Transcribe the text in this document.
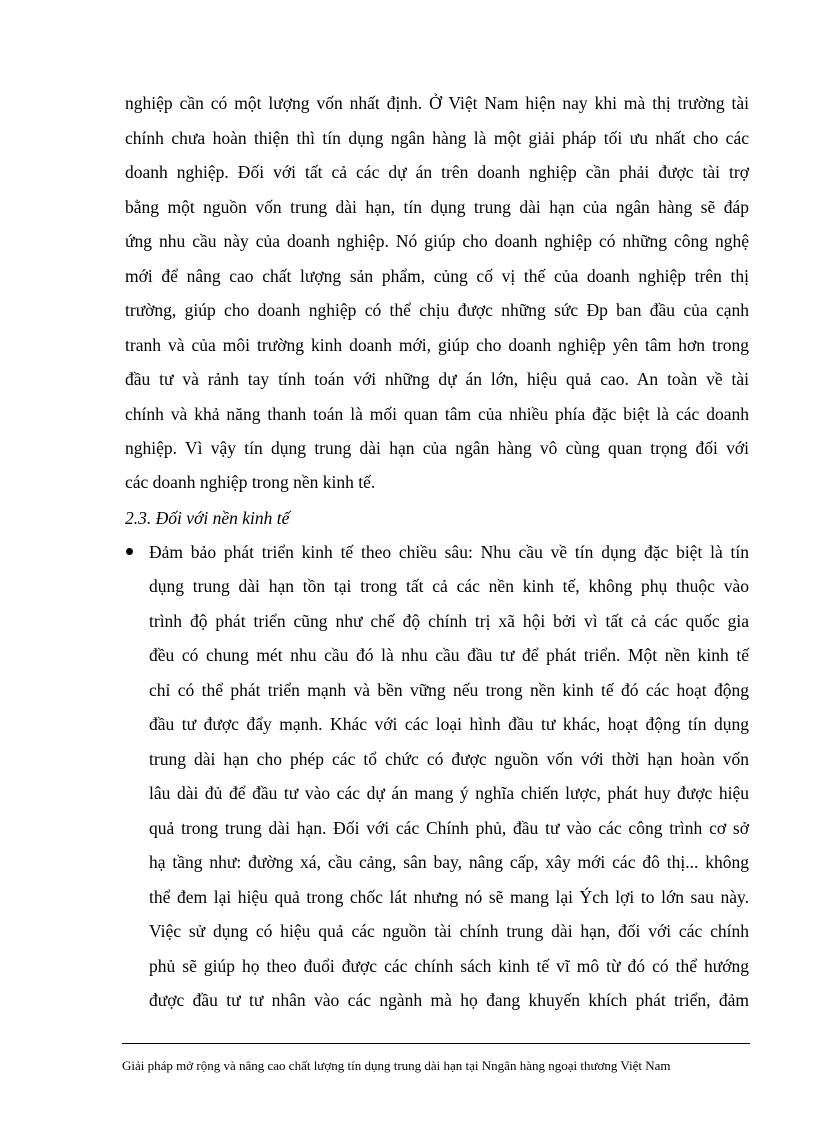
nghiệp cần có một lượng vốn nhất định. Ở Việt Nam hiện nay khi mà thị trường tài
chính chưa hoàn thiện thì tín dụng ngân hàng là một giải pháp tối ưu nhất cho các
doanh nghiệp. Đối với tất cả các dự án trên doanh nghiệp cần phải được tài trợ
bằng một nguồn vốn trung dài hạn, tín dụng trung dài hạn của ngân hàng sẽ đáp
ứng nhu cầu này của doanh nghiệp. Nó giúp cho doanh nghiệp có những công nghệ
mới để nâng cao chất lượng sản phẩm, củng cố vị thế của doanh nghiệp trên thị
trường, giúp cho doanh nghiệp có thể chịu được những sức Ðp ban đầu của cạnh
tranh và của môi trường kinh doanh mới, giúp cho doanh nghiệp yên tâm hơn trong
đầu tư và rảnh tay tính toán với những dự án lớn, hiệu quả cao. An toàn về tài
chính và khả năng thanh toán là mối quan tâm của nhiều phía đặc biệt là các doanh
nghiệp. Vì vậy tín dụng trung dài hạn của ngân hàng vô cùng quan trọng đối với
các doanh nghiệp trong nền kinh tế.
2.3. Đối với nền kinh tế
Đảm bảo phát triển kinh tế theo chiều sâu: Nhu cầu về tín dụng đặc biệt là tín
dụng trung dài hạn tồn tại trong tất cả các nền kinh tế, không phụ thuộc vào
trình độ phát triển cũng như chế độ chính trị xã hội bởi vì tất cả các quốc gia
đều có chung mét nhu cầu đó là nhu cầu đầu tư để phát triển. Một nền kinh tế
chỉ có thể phát triển mạnh và bền vững nếu trong nền kinh tế đó các hoạt động
đầu tư được đẩy mạnh. Khác với các loại hình đầu tư khác, hoạt động tín dụng
trung dài hạn cho phép các tổ chức có được nguồn vốn với thời hạn hoàn vốn
lâu dài đủ để đầu tư vào các dự án mang ý nghĩa chiến lược, phát huy được hiệu
quả trong trung dài hạn. Đối với các Chính phủ, đầu tư vào các công trình cơ sở
hạ tầng như: đường xá, cầu cảng, sân bay, nâng cấp, xây mới các đô thị... không
thể đem lại hiệu quả trong chốc lát nhưng nó sẽ mang lại Ých lợi to lớn sau này.
Việc sử dụng có hiệu quả các nguồn tài chính trung dài hạn, đối với các chính
phủ sẽ giúp họ theo đuổi được các chính sách kinh tế vĩ mô từ đó có thể hướng
được đầu tư tư nhân vào các ngành mà họ đang khuyến khích phát triển, đảm
Giải pháp mở rộng và nâng cao chất lượng tín dụng trung dài hạn tại Nngân hàng ngoại thương Việt Nam
